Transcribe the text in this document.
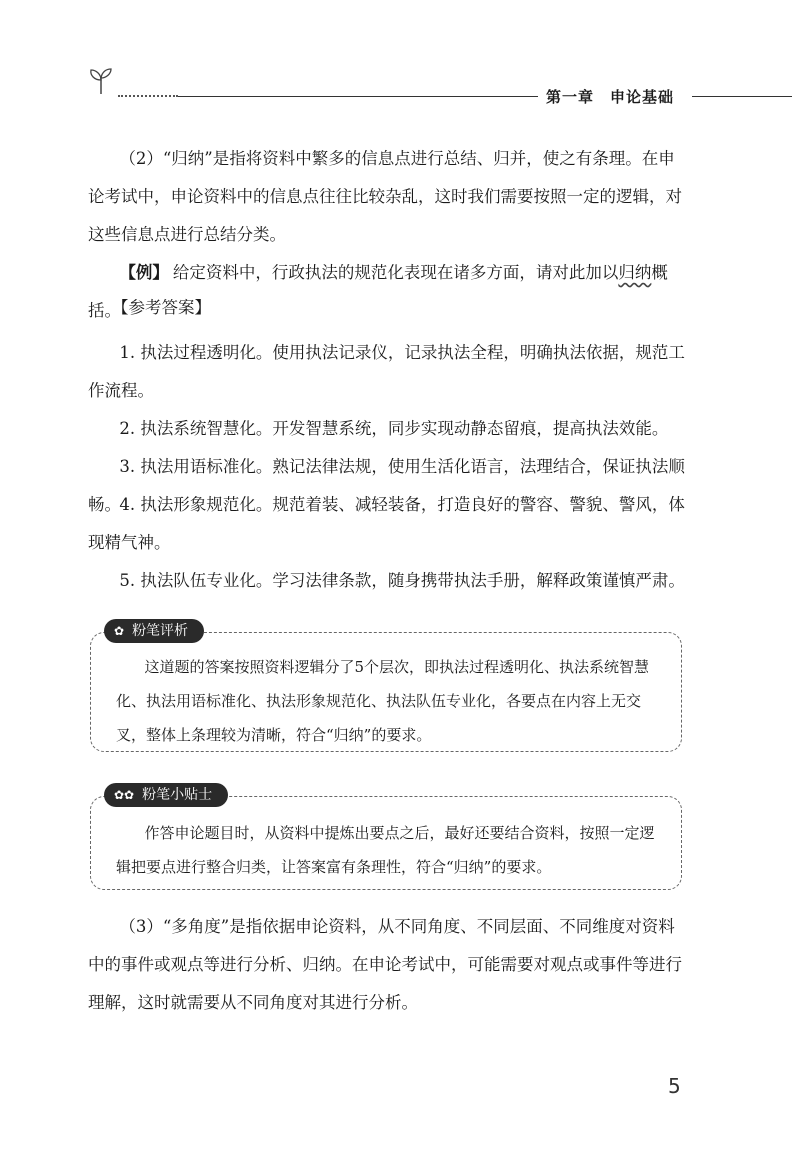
第一章　申论基础

（2）“归纳”是指将资料中繁多的信息点进行总结、归并，使之有条理。在申论考试中，申论资料中的信息点往往比较杂乱，这时我们需要按照一定的逻辑，对这些信息点进行总结分类。

【例】 给定资料中，行政执法的规范化表现在诸多方面，请对此加以归纳概括。

【参考答案】

1. 执法过程透明化。使用执法记录仪，记录执法全程，明确执法依据，规范工作流程。

2. 执法系统智慧化。开发智慧系统，同步实现动静态留痕，提高执法效能。

3. 执法用语标准化。熟记法律法规，使用生活化语言，法理结合，保证执法顺畅。

4. 执法形象规范化。规范着装、减轻装备，打造良好的警容、警貌、警风，体现精气神。

5. 执法队伍专业化。学习法律条款，随身携带执法手册，解释政策谨慎严肃。

✿ 粉笔评析

这道题的答案按照资料逻辑分了5个层次，即执法过程透明化、执法系统智慧化、执法用语标准化、执法形象规范化、执法队伍专业化，各要点在内容上无交叉，整体上条理较为清晰，符合“归纳”的要求。

✿✿ 粉笔小贴士

作答申论题目时，从资料中提炼出要点之后，最好还要结合资料，按照一定逻辑把要点进行整合归类，让答案富有条理性，符合“归纳”的要求。

（3）“多角度”是指依据申论资料，从不同角度、不同层面、不同维度对资料中的事件或观点等进行分析、归纳。在申论考试中，可能需要对观点或事件等进行理解，这时就需要从不同角度对其进行分析。

5
